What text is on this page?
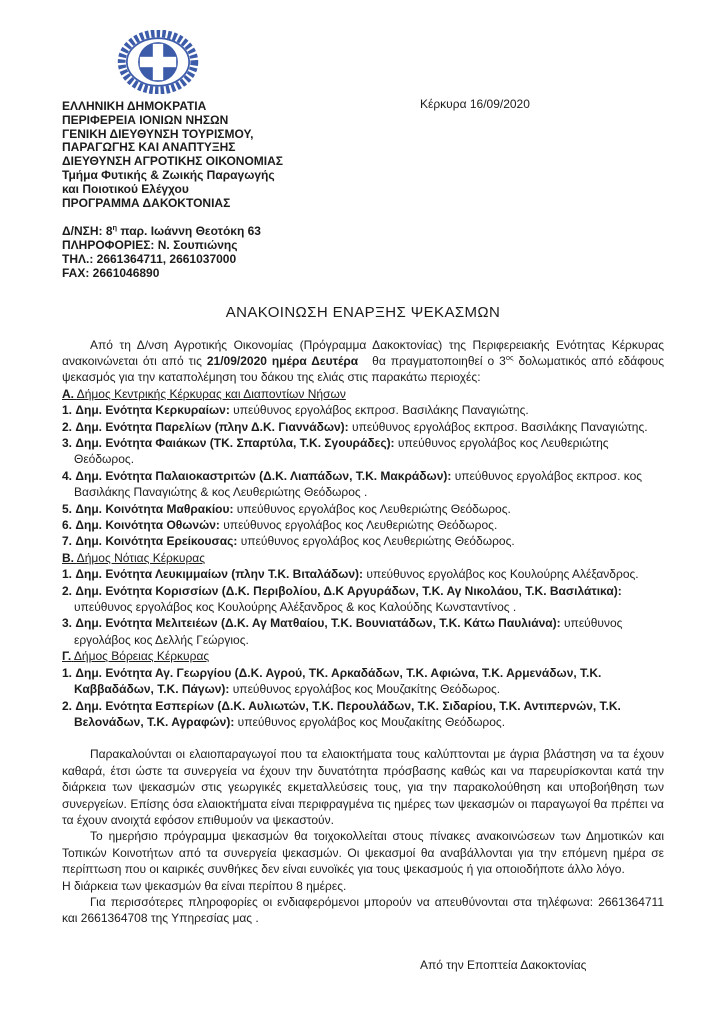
ΕΛΛΗΝΙΚΗ ΔΗΜΟΚΡΑΤΙΑ
ΠΕΡΙΦΕΡΕΙΑ ΙΟΝΙΩΝ ΝΗΣΩΝ
ΓΕΝΙΚΗ ΔΙΕΥΘΥΝΣΗ ΤΟΥΡΙΣΜΟΥ,
ΠΑΡΑΓΩΓΗΣ ΚΑΙ ΑΝΑΠΤΥΞΗΣ
ΔΙΕΥΘΥΝΣΗ ΑΓΡΟΤΙΚΗΣ ΟΙΚΟΝΟΜΙΑΣ
Τμήμα Φυτικής & Ζωικής Παραγωγής
και Ποιοτικού Ελέγχου
ΠΡΟΓΡΑΜΜΑ ΔΑΚΟΚΤΟΝΙΑΣ
Κέρκυρα 16/09/2020
Δ/ΝΣΗ: $8^\eta$ παρ. Ιωάννη Θεοτόκη 63
ΠΛΗΡΟΦΟΡΙΕΣ: Ν. Σουπιώνης
ΤΗΛ.: 2661364711, 2661037000
FAX: 2661046890
ΑΝΑΚΟΙΝΩΣΗ ΕΝΑΡΞΗΣ ΨΕΚΑΣΜΩΝ
Από τη Δ/νση Αγροτικής Οικονομίας (Πρόγραμμα Δακοκτονίας) της Περιφερειακής Ενότητας Κέρκυρας ανακοινώνεται ότι από τις 21/09/2020 ημέρα Δευτέρα θα πραγματοποιηθεί ο $3^{o\varsigma}$ δολωματικός από εδάφους ψεκασμός για την καταπολέμηση του δάκου της ελιάς στις παρακάτω περιοχές:
Α. Δήμος Κεντρικής Κέρκυρας και Διαποντίων Νήσων
1. Δημ. Ενότητα Κερκυραίων: υπεύθυνος εργολάβος εκπροσ. Βασιλάκης Παναγιώτης.
2. Δημ. Ενότητα Παρελίων (πλην Δ.Κ. Γιαννάδων): υπεύθυνος εργολάβος εκπροσ. Βασιλάκης Παναγιώτης.
3. Δημ. Ενότητα Φαιάκων (ΤΚ. Σπαρτύλα, Τ.Κ. Σγουράδες): υπεύθυνος εργολάβος κος Λευθεριώτης Θεόδωρος.
4. Δημ. Ενότητα Παλαιοκαστριτών (Δ.Κ. Λιαπάδων, Τ.Κ. Μακράδων): υπεύθυνος εργολάβος εκπροσ. κος Βασιλάκης Παναγιώτης & κος Λευθεριώτης Θεόδωρος .
5. Δημ. Κοινότητα Μαθρακίου: υπεύθυνος εργολάβος κος Λευθεριώτης Θεόδωρος.
6. Δημ. Κοινότητα Οθωνών: υπεύθυνος εργολάβος κος Λευθεριώτης Θεόδωρος.
7. Δημ. Κοινότητα Ερείκουσας: υπεύθυνος εργολάβος κος Λευθεριώτης Θεόδωρος.
Β. Δήμος Νότιας Κέρκυρας
1. Δημ. Ενότητα Λευκιμμαίων (πλην Τ.Κ. Βιταλάδων): υπεύθυνος εργολάβος κος Κουλούρης Αλέξανδρος.
2. Δημ. Ενότητα Κορισσίων (Δ.Κ. Περιβολίου, Δ.Κ Αργυράδων, Τ.Κ. Αγ Νικολάου, Τ.Κ. Βασιλάτικα): υπεύθυνος εργολάβος κος Κουλούρης Αλέξανδρος & κος Καλούδης Κωνσταντίνος .
3. Δημ. Ενότητα Μελιτειέων (Δ.Κ. Αγ Ματθαίου, Τ.Κ. Βουνιατάδων, Τ.Κ. Κάτω Παυλιάνα): υπεύθυνος εργολάβος κος Δελλής Γεώργιος.
Γ. Δήμος Βόρειας Κέρκυρας
1. Δημ. Ενότητα Αγ. Γεωργίου (Δ.Κ. Αγρού, ΤΚ. Αρκαδάδων, Τ.Κ. Αφιώνα, Τ.Κ. Αρμενάδων, Τ.Κ. Καββαδάδων, Τ.Κ. Πάγων): υπεύθυνος εργολάβος κος Μουζακίτης Θεόδωρος.
2. Δημ. Ενότητα Εσπερίων (Δ.Κ. Αυλιωτών, Τ.Κ. Περουλάδων, Τ.Κ. Σιδαρίου, Τ.Κ. Αντιπερνών, Τ.Κ. Βελονάδων, Τ.Κ. Αγραφών): υπεύθυνος εργολάβος κος Μουζακίτης Θεόδωρος.
Παρακαλούνται οι ελαιοπαραγωγοί που τα ελαιοκτήματα τους καλύπτονται με άγρια βλάστηση να τα έχουν καθαρά, έτσι ώστε τα συνεργεία να έχουν την δυνατότητα πρόσβασης καθώς και να παρευρίσκονται κατά την διάρκεια των ψεκασμών στις γεωργικές εκμεταλλεύσεις τους, για την παρακολούθηση και υποβοήθηση των συνεργείων. Επίσης όσα ελαιοκτήματα είναι περιφραγμένα τις ημέρες των ψεκασμών οι παραγωγοί θα πρέπει να τα έχουν ανοιχτά εφόσον επιθυμούν να ψεκαστούν.
Το ημερήσιο πρόγραμμα ψεκασμών θα τοιχοκολλείται στους πίνακες ανακοινώσεων των Δημοτικών και Τοπικών Κοινοτήτων από τα συνεργεία ψεκασμών. Οι ψεκασμοί θα αναβάλλονται για την επόμενη ημέρα σε περίπτωση που οι καιρικές συνθήκες δεν είναι ευνοϊκές για τους ψεκασμούς ή για οποιοδήποτε άλλο λόγο.
Η διάρκεια των ψεκασμών θα είναι περίπου 8 ημέρες.
Για περισσότερες πληροφορίες οι ενδιαφερόμενοι μπορούν να απευθύνονται στα τηλέφωνα: 2661364711 και 2661364708 της Υπηρεσίας μας .
Από την Εποπτεία Δακοκτονίας
